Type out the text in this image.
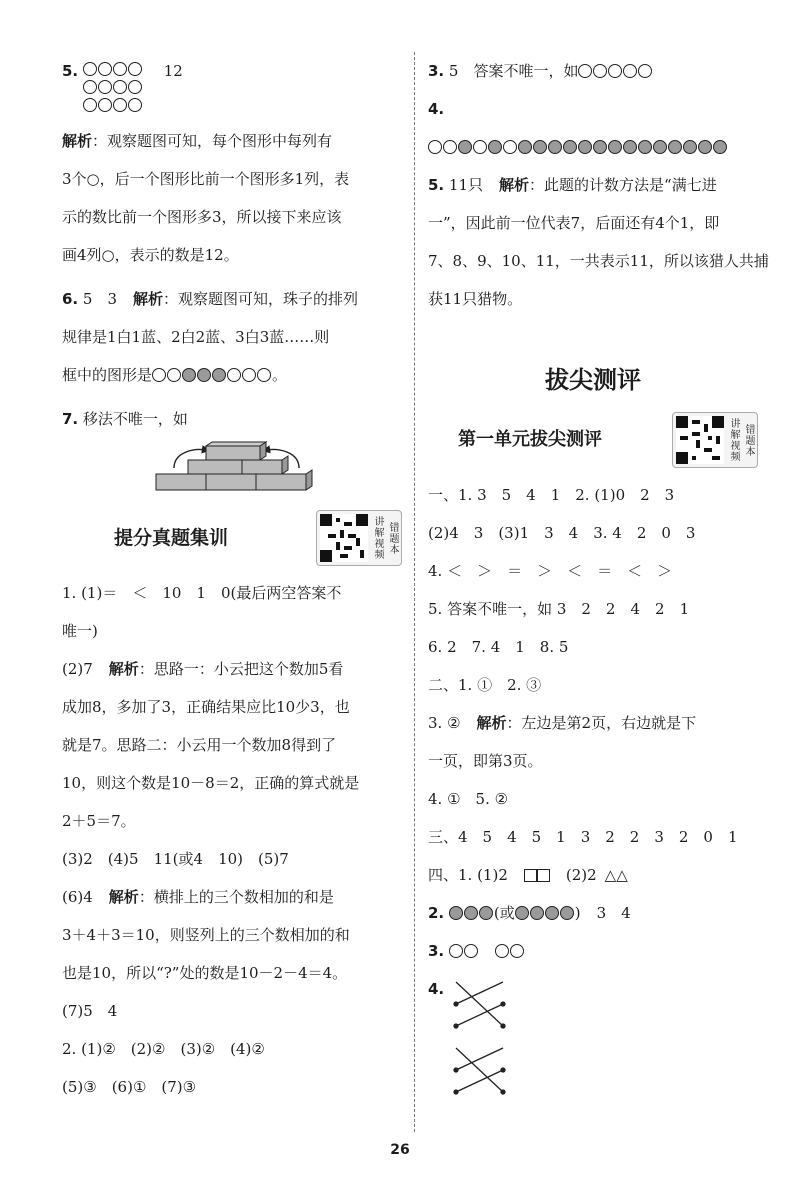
5.	12
解析：观察题图可知，每个图形中每列有
3个○，后一个图形比前一个图形多1列，表
示的数比前一个图形多3，所以接下来应该
画4列○，表示的数是12。
6. 5　3 解析：观察题图可知，珠子的排列
规律是1白1蓝、2白2蓝、3白3蓝……则
框中的图形是	。
7. 移法不唯一，如
提分真题集训	讲解视频 错题本
1. (1)＝　＜　10　1　0(最后两空答案不
唯一)
(2)7 解析：思路一：小云把这个数加5看
成加8，多加了3，正确结果应比10少3，也
就是7。思路二：小云用一个数加8得到了
10，则这个数是10－8＝2，正确的算式就是
2＋5＝7。
(3)2　(4)5　11(或4　10)　(5)7
(6)4 解析：横排上的三个数相加的和是
3＋4＋3＝10，则竖列上的三个数相加的和
也是10，所以“?”处的数是10－2－4＝4。
(7)5　4
2. (1)②　(2)②　(3)②　(4)②
(5)③　(6)①　(7)③
3. 5　答案不唯一，如
4.
5. 11只 解析：此题的计数方法是“满七进
一”，因此前一位代表7，后面还有4个1，即
7、8、9、10、11，一共表示11，所以该猎人共捕
获11只猎物。
拔尖测评
第一单元拔尖测评	讲解视频 错题本
一、1. 3　5　4　1　2. (1)0　2　3
(2)4　3　(3)1　3　4　3. 4　2　0　3
4. ＜　＞　＝　＞　＜　＝　＜　＞
5. 答案不唯一，如 3　2　2　4　2　1
6. 2　7. 4　1　8. 5
二、1. ①　2. ③
3. ② 解析：左边是第2页，右边就是下
一页，即第3页。
4. ①　5. ②
三、4　5　4　5　1　3　2　2　3　2　0　1
四、1. (1)2	(2)2 △△
2.	(或	) 3　4
3.
4.
26
